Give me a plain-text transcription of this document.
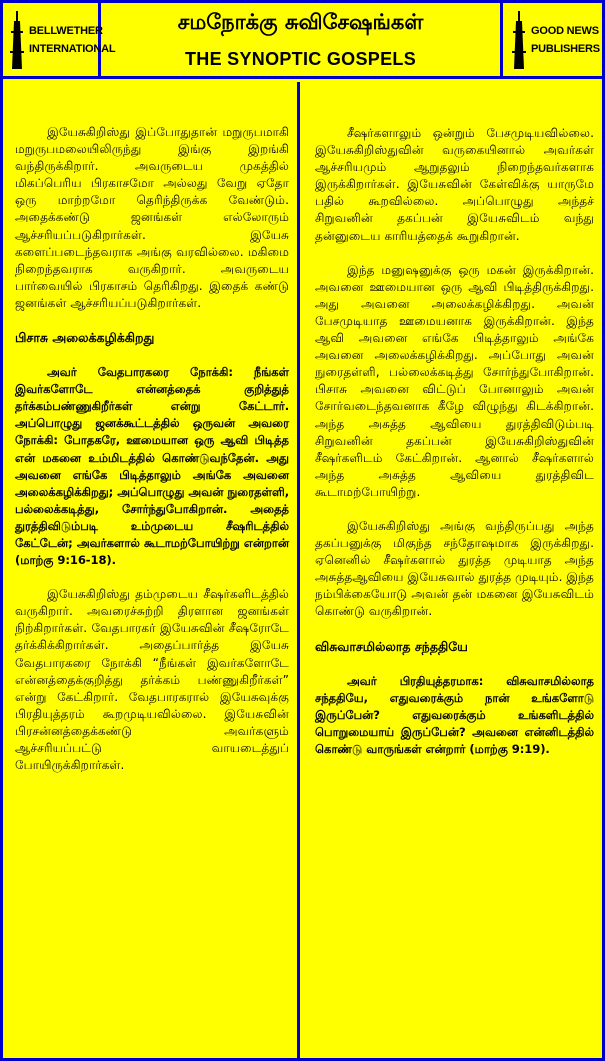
BELLWETHER
INTERNATIONAL
சமநோக்கு சுவிசேஷங்கள்
THE SYNOPTIC GOSPELS
GOOD NEWS
PUBLISHERS

இயேசுகிறிஸ்து இப்போதுதான் மறுருபமாகி மறுருபமலையிலிருந்து இங்கு இறங்கி வந்திருக்கிறார். அவருடைய முகத்தில் மிகப்பெரிய பிரகாசமோ அல்லது வேறு ஏதோ ஒரு மாற்றமோ தெரிந்திருக்க வேண்டும். அதைக்கண்டு ஜனங்கள் எல்லோரும் ஆச்சரியப்படுகிறார்கள். இயேசு களைப்படைந்தவராக அங்கு வரவில்லை. மகிமை நிறைந்தவராக வருகிறார். அவருடைய பார்வையில் பிரகாசம் தெரிகிறது. இதைக் கண்டு ஜனங்கள் ஆச்சரியப்படுகிறார்கள்.

பிசாசு அலைக்கழிக்கிறது

அவர் வேதபாரகரை நோக்கி: நீங்கள் இவர்களோடே என்னத்தைக் குறித்துத் தர்க்கம்பண்ணுகிறீர்கள் என்று கேட்டார். அப்பொழுது ஜனக்கூட்டத்தில் ஒருவன் அவரை நோக்கி: போதகரே, ஊமையான ஒரு ஆவி பிடித்த என் மகனை உம்மிடத்தில் கொண்டுவந்தேன். அது அவனை எங்கே பிடித்தாலும் அங்கே அவனை அலைக்கழிக்கிறது; அப்பொழுது அவன் நுரைதள்ளி, பல்லைக்கடித்து, சோர்ந்துபோகிறான். அதைத் துரத்திவிடும்படி உம்முடைய சீஷரிடத்தில் கேட்டேன்; அவர்களால் கூடாமற்போயிற்று என்றான் (மாற்கு 9:16-18).

இயேசுகிறிஸ்து தம்முடைய சீஷர்களிடத்தில் வருகிறார். அவரைச்சுற்றி திரளான ஜனங்கள் நிற்கிறார்கள். வேதபாரகர் இயேசுவின் சீஷரோடே தர்க்கிக்கிறார்கள். அதைப்பார்த்த இயேசு வேதபாரகரை நோக்கி “நீங்கள் இவர்களோடே என்னத்தைக்குறித்து தர்க்கம் பண்ணுகிறீர்கள்” என்று கேட்கிறார். வேதபாரகரால் இயேசுவுக்கு பிரதியுத்தரம் கூறமுடியவில்லை. இயேசுவின் பிரசன்னத்தைக்கண்டு அவர்களும் ஆச்சரியப்பட்டு வாயடைத்துப் போயிருக்கிறார்கள்.

சீஷர்களாலும் ஒன்றும் பேசமுடியவில்லை. இயேசுகிறிஸ்துவின் வருகையினால் அவர்கள் ஆச்சரியமும் ஆறுதலும் நிறைந்தவர்களாக இருக்கிறார்கள். இயேசுவின் கேள்விக்கு யாருமே பதில் கூறவில்லை. அப்பொழுது அந்தச் சிறுவனின் தகப்பன் இயேசுவிடம் வந்து தன்னுடைய காரியத்தைக் கூறுகிறான்.

இந்த மனுஷனுக்கு ஒரு மகன் இருக்கிறான். அவனை ஊமையான ஒரு ஆவி பிடித்திருக்கிறது. அது அவனை அலைக்கழிக்கிறது. அவன் பேசமுடியாத ஊமையனாக இருக்கிறான். இந்த ஆவி அவனை எங்கே பிடித்தாலும் அங்கே அவனை அலைக்கழிக்கிறது. அப்போது அவன் நுரைதள்ளி, பல்லைக்கடித்து சோர்ந்துபோகிறான். பிசாசு அவனை விட்டுப் போனாலும் அவன் சோர்வடைந்தவனாக கீழே விழுந்து கிடக்கிறான். அந்த அசுத்த ஆவியை துரத்திவிடும்படி சிறுவனின் தகப்பன் இயேசுகிறிஸ்துவின் சீஷர்களிடம் கேட்கிறான். ஆனால் சீஷர்களால் அந்த அசுத்த ஆவியை துரத்திவிட கூடாமற்போயிற்று.

இயேசுகிறிஸ்து அங்கு வந்திருப்பது அந்த தகப்பனுக்கு மிகுந்த சந்தோஷமாக இருக்கிறது. ஏனெனில் சீஷர்களால் துரத்த முடியாத அந்த அசுத்தஆவியை இயேசுவால் துரத்த முடியும். இந்த நம்பிக்கையோடு அவன் தன் மகனை இயேசுவிடம் கொண்டு வருகிறான்.

விசுவாசமில்லாத சந்ததியே

அவர் பிரதியுத்தரமாக: விசுவாசமில்லாத சந்ததியே, எதுவரைக்கும் நான் உங்களோடு இருப்பேன்? எதுவரைக்கும் உங்களிடத்தில் பொறுமையாய் இருப்பேன்? அவனை என்னிடத்தில் கொண்டு வாருங்கள் என்றார் (மாற்கு 9:19).
